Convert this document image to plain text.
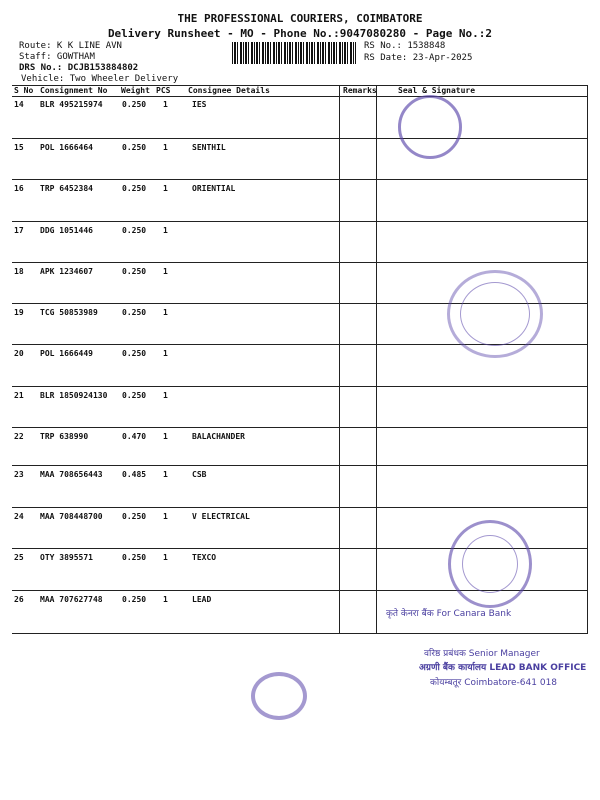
THE PROFESSIONAL COURIERS, COIMBATORE
Delivery Runsheet - MO - Phone No.:9047080280 - Page No.:2
Route: K K LINE AVN
Staff: GOWTHAM
DRS No.: DCJB153884802
Vehicle: Two Wheeler Delivery
RS No.: 1538848
RS Date: 23-Apr-2025
S No Consignment No Weight PCS Consignee Details	Remarks	Seal & Signature
14 BLR 495215974 0.250 1	IES
15 POL 1666464	0.250 1	SENTHIL
16 TRP 6452384	0.250 1	ORIENTIAL
17 DDG 1051446	0.250 1
18 APK 1234607	0.250 1
19 TCG 50853989	0.250 1
20 POL 1666449	0.250 1
21 BLR 1850924130 0.250 1
22 TRP 638990	0.470 1	BALACHANDER
23 MAA 708656443 0.485 1	CSB
24 MAA 708448700 0.250 1	V ELECTRICAL
25 OTY 3895571	0.250 1	TEXCO
26 MAA 707627748 0.250 1	LEAD
कृते केनरा बैंक For Canara Bank
वरिष्ठ प्रबंधक Senior Manager
अग्रणी बैंक कार्यालय LEAD BANK OFFICE
कोयम्बतूर Coimbatore-641 018
